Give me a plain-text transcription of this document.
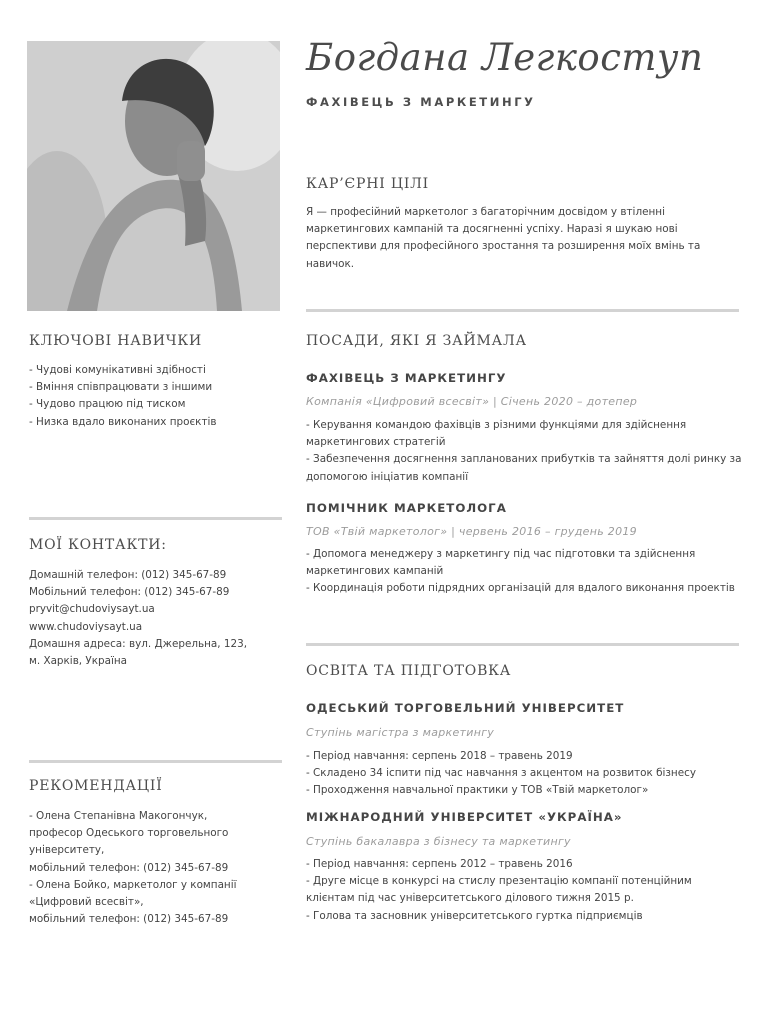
Богдана Легкоступ
ФАХІВЕЦЬ З МАРКЕТИНГУ
КАР’ЄРНІ ЦІЛІ
Я — професійний маркетолог з багаторічним досвідом у втіленні
маркетингових кампаній та досягненні успіху. Наразі я шукаю нові
перспективи для професійного зростання та розширення моїх вмінь та
навичок.
КЛЮЧОВІ НАВИЧКИ
- Чудові комунікативні здібності
- Вміння співпрацювати з іншими
- Чудово працюю під тиском
- Низка вдало виконаних проєктів
МОЇ КОНТАКТИ:
Домашній телефон: (012) 345-67-89
Мобільний телефон: (012) 345-67-89
pryvit@chudoviysayt.ua
www.chudoviysayt.ua
Домашня адреса: вул. Джерельна, 123,
м. Харків, Україна
РЕКОМЕНДАЦІЇ
- Олена Степанівна Макогончук,
професор Одеського торговельного
університету,
мобільний телефон: (012) 345-67-89
- Олена Бойко, маркетолог у компанії
«Цифровий всесвіт»,
мобільний телефон: (012) 345-67-89
ПОСАДИ, ЯКІ Я ЗАЙМАЛА
ФАХІВЕЦЬ З МАРКЕТИНГУ
Компанія «Цифровий всесвіт» | Січень 2020 – дотепер
- Керування командою фахівців з різними функціями для здійснення
маркетингових стратегій
- Забезпечення досягнення запланованих прибутків та зайняття долі ринку за
допомогою ініціатив компанії
ПОМІЧНИК МАРКЕТОЛОГА
ТОВ «Твій маркетолог» | червень 2016 – грудень 2019
- Допомога менеджеру з маркетингу під час підготовки та здійснення
маркетингових кампаній
- Координація роботи підрядних організацій для вдалого виконання проектів
ОСВІТА ТА ПІДГОТОВКА
ОДЕСЬКИЙ ТОРГОВЕЛЬНИЙ УНІВЕРСИТЕТ
Ступінь магістра з маркетингу
- Період навчання: серпень 2018 – травень 2019
- Складено 34 іспити під час навчання з акцентом на розвиток бізнесу
- Проходження навчальної практики у ТОВ «Твій маркетолог»
МІЖНАРОДНИЙ УНІВЕРСИТЕТ «УКРАЇНА»
Ступінь бакалавра з бізнесу та маркетингу
- Період навчання: серпень 2012 – травень 2016
- Друге місце в конкурсі на стислу презентацію компанії потенційним
клієнтам під час університетського ділового тижня 2015 р.
- Голова та засновник університетського гуртка підприємців
